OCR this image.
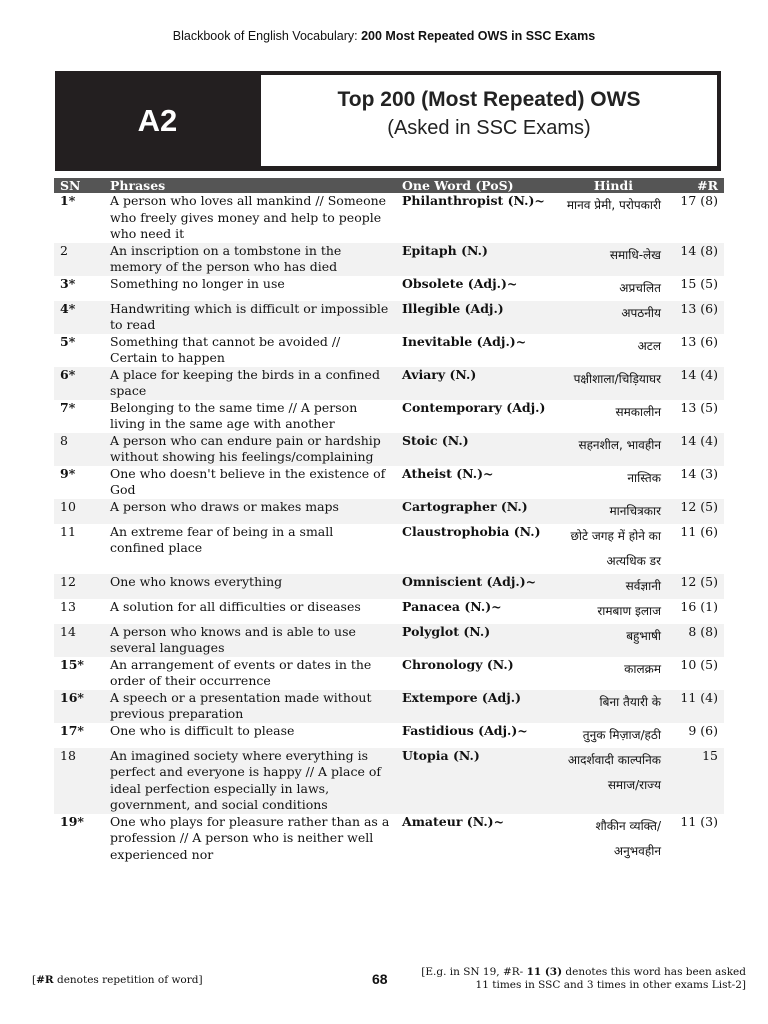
Blackbook of English Vocabulary: 200 Most Repeated OWS in SSC Exams
A2
Top 200 (Most Repeated) OWS
(Asked in SSC Exams)
SN	Phrases	One Word (PoS)	Hindi	#R
1*	A person who loves all mankind // Someone who freely gives money and help to people who need it	Philanthropist (N.)~	मानव प्रेमी, परोपकारी	17 (8)
2	An inscription on a tombstone in the memory of the person who has died	Epitaph (N.)	समाधि-लेख	14 (8)
3*	Something no longer in use	Obsolete (Adj.)~	अप्रचलित	15 (5)
4*	Handwriting which is difficult or impossible to read	Illegible (Adj.)	अपठनीय	13 (6)
5*	Something that cannot be avoided // Certain to happen	Inevitable (Adj.)~	अटल	13 (6)
6*	A place for keeping the birds in a confined space	Aviary (N.)	पक्षीशाला/चिड़ियाघर	14 (4)
7*	Belonging to the same time // A person living in the same age with another	Contemporary (Adj.)	समकालीन	13 (5)
8	A person who can endure pain or hardship without showing his feelings/complaining	Stoic (N.)	सहनशील, भावहीन	14 (4)
9*	One who doesn't believe in the existence of God	Atheist (N.)~	नास्तिक	14 (3)
10	A person who draws or makes maps	Cartographer (N.)	मानचित्रकार	12 (5)
11	An extreme fear of being in a small confined place	Claustrophobia (N.)	छोटे जगह में होने का अत्यधिक डर	11 (6)
12	One who knows everything	Omniscient (Adj.)~	सर्वज्ञानी	12 (5)
13	A solution for all difficulties or diseases	Panacea (N.)~	रामबाण इलाज	16 (1)
14	A person who knows and is able to use several languages	Polyglot (N.)	बहुभाषी	8 (8)
15*	An arrangement of events or dates in the order of their occurrence	Chronology (N.)	कालक्रम	10 (5)
16*	A speech or a presentation made without previous preparation	Extempore (Adj.)	बिना तैयारी के	11 (4)
17*	One who is difficult to please	Fastidious (Adj.)~	तुनुक मिज़ाज/हठी	9 (6)
18	An imagined society where everything is perfect and everyone is happy // A place of ideal perfection especially in laws, government, and social conditions	Utopia (N.)	आदर्शवादी काल्पनिक समाज/राज्य	15
19*	One who plays for pleasure rather than as a profession // A person who is neither well experienced nor	Amateur (N.)~	शौकीन व्यक्ति/अनुभवहीन	11 (3)
[#R denotes repetition of word]	68	[E.g. in SN 19, #R- 11 (3) denotes this word has been asked 11 times in SSC and 3 times in other exams List-2]
